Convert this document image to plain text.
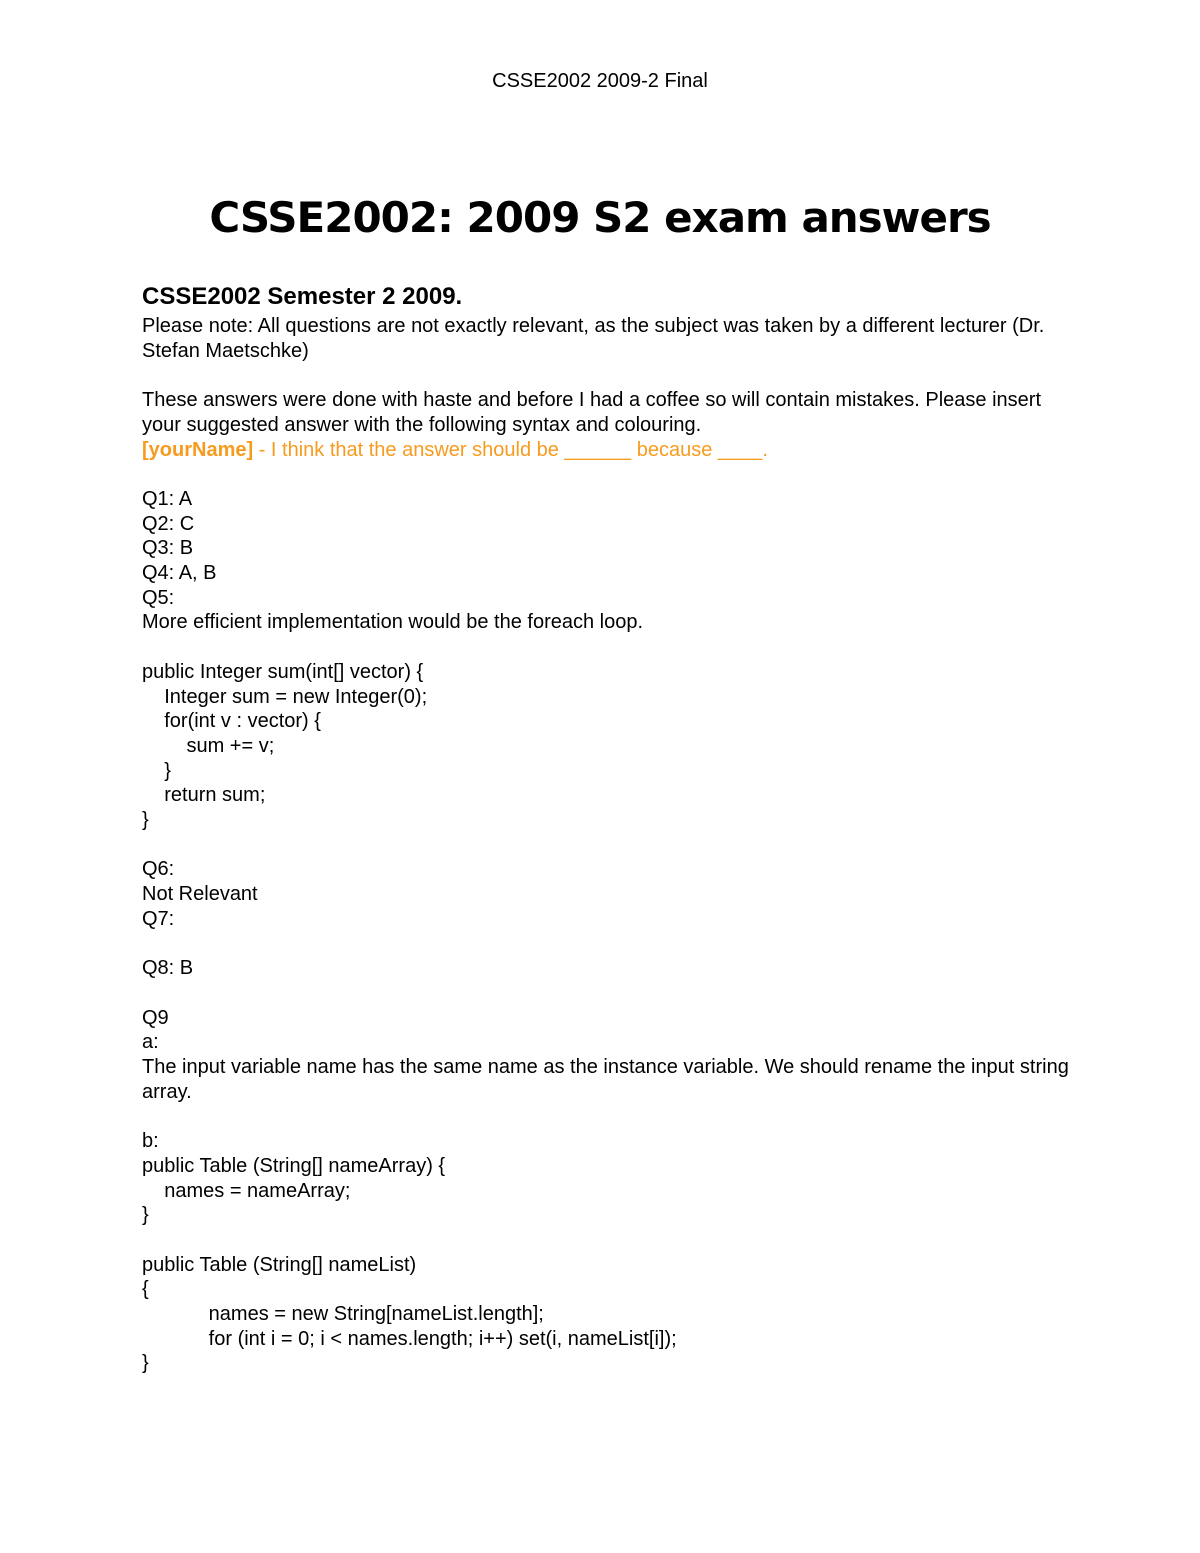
CSSE2002 2009-2 Final
CSSE2002: 2009 S2 exam answers
CSSE2002 Semester 2 2009.
Please note: All questions are not exactly relevant, as the subject was taken by a different lecturer (Dr. Stefan Maetschke)
These answers were done with haste and before I had a coffee so will contain mistakes. Please insert your suggested answer with the following syntax and colouring.
[yourName] - I think that the answer should be ______ because ____.
Q1: A
Q2: C
Q3: B
Q4: A, B
Q5:
More efficient implementation would be the foreach loop.
public Integer sum(int[] vector) {
Integer sum = new Integer(0);
for(int v : vector) {
sum += v;
}
return sum;
}
Q6:
Not Relevant
Q7:
Q8: B
Q9
a:
The input variable name has the same name as the instance variable. We should rename the input string array.
b:
public Table (String[] nameArray) {
names = nameArray;
}
public Table (String[] nameList)
{
names = new String[nameList.length];
for (int i = 0; i < names.length; i++) set(i, nameList[i]);
}
